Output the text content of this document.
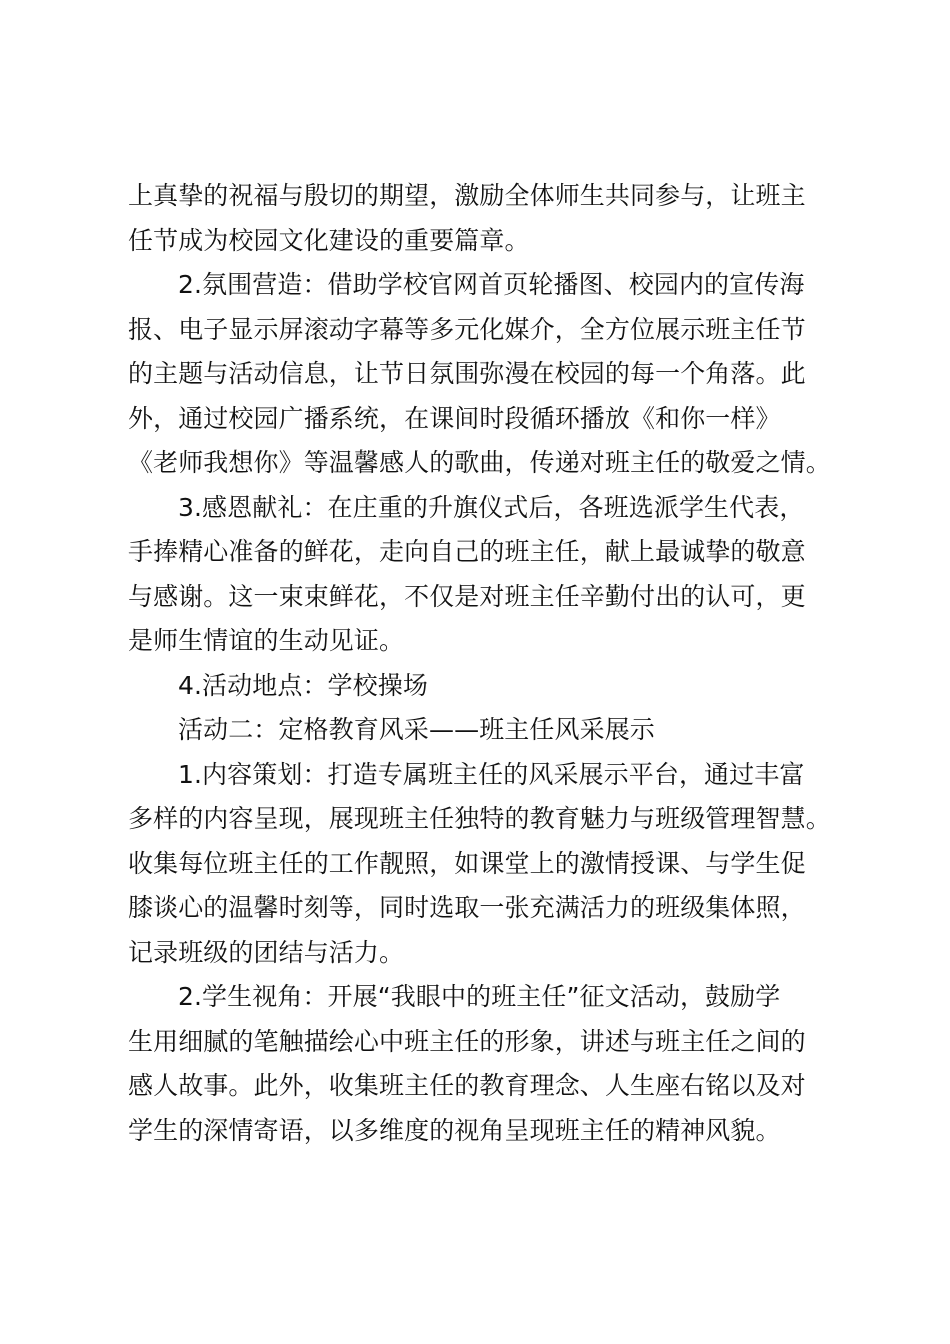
上真挚的祝福与殷切的期望，激励全体师生共同参与，让班主
任节成为校园文化建设的重要篇章。
2.氛围营造：借助学校官网首页轮播图、校园内的宣传海
报、电子显示屏滚动字幕等多元化媒介，全方位展示班主任节
的主题与活动信息，让节日氛围弥漫在校园的每一个角落。此
外，通过校园广播系统，在课间时段循环播放《和你一样》
《老师我想你》等温馨感人的歌曲，传递对班主任的敬爱之情。
3.感恩献礼：在庄重的升旗仪式后，各班选派学生代表，
手捧精心准备的鲜花，走向自己的班主任，献上最诚挚的敬意
与感谢。这一束束鲜花，不仅是对班主任辛勤付出的认可，更
是师生情谊的生动见证。
4.活动地点：学校操场
活动二：定格教育风采——班主任风采展示
1.内容策划：打造专属班主任的风采展示平台，通过丰富
多样的内容呈现，展现班主任独特的教育魅力与班级管理智慧。
收集每位班主任的工作靓照，如课堂上的激情授课、与学生促
膝谈心的温馨时刻等，同时选取一张充满活力的班级集体照，
记录班级的团结与活力。
2.学生视角：开展“我眼中的班主任”征文活动，鼓励学
生用细腻的笔触描绘心中班主任的形象，讲述与班主任之间的
感人故事。此外，收集班主任的教育理念、人生座右铭以及对
学生的深情寄语，以多维度的视角呈现班主任的精神风貌。
